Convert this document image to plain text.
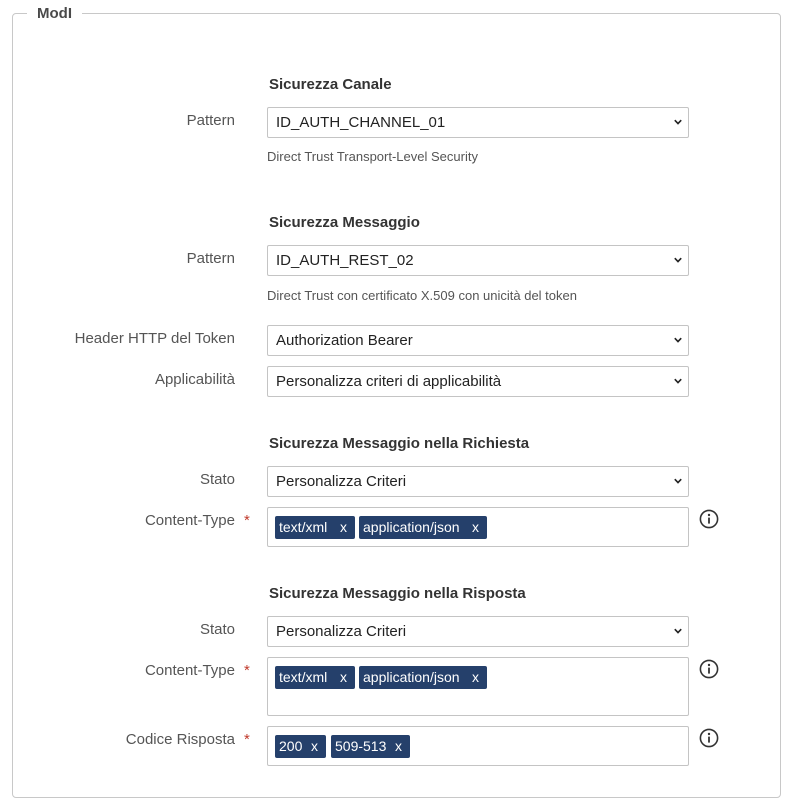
ModI
Sicurezza Canale
Pattern	ID_AUTH_CHANNEL_01
Direct Trust Transport-Level Security
Sicurezza Messaggio
Pattern	ID_AUTH_REST_02
Direct Trust con certificato X.509 con unicità del token
Header HTTP del Token	Authorization Bearer
Applicabilità	Personalizza criteri di applicabilità
Sicurezza Messaggio nella Richiesta
Stato	Personalizza Criteri
Content-Type * text/xml x application/json x
Sicurezza Messaggio nella Risposta
Stato	Personalizza Criteri
Content-Type * text/xml x application/json x
Codice Risposta * 200 x 509-513 x
